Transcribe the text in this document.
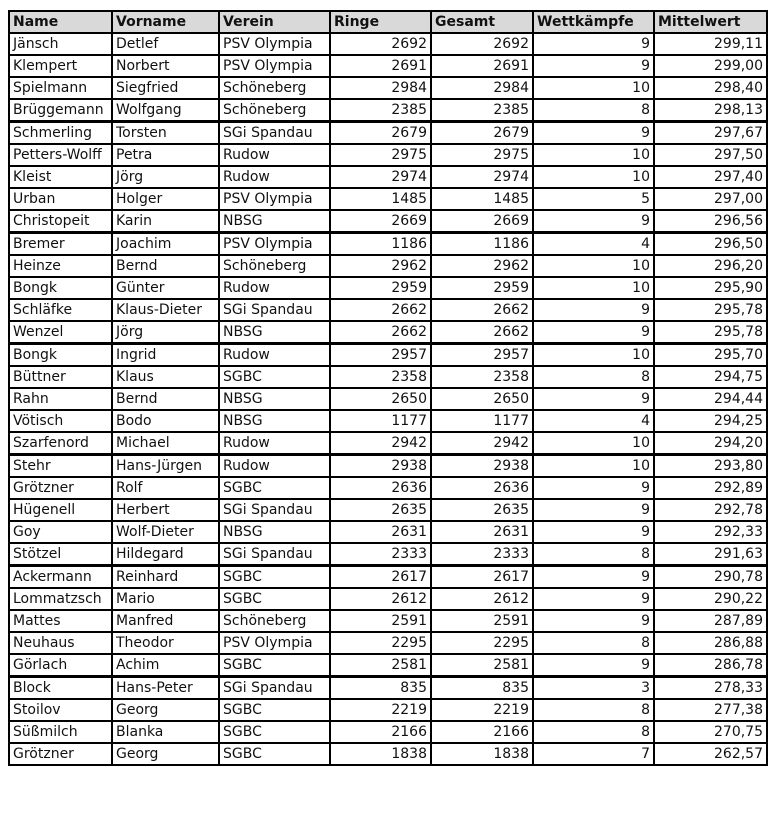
Name	Vorname	Verein	Ringe	Gesamt	Wettkämpfe	Mittelwert
Jänsch	Detlef	PSV Olympia	2692	2692	9	299,11
Klempert	Norbert	PSV Olympia	2691	2691	9	299,00
Spielmann	Siegfried	Schöneberg	2984	2984	10	298,40
Brüggemann	Wolfgang	Schöneberg	2385	2385	8	298,13
Schmerling	Torsten	SGi Spandau	2679	2679	9	297,67
Petters-Wolff	Petra	Rudow	2975	2975	10	297,50
Kleist	Jörg	Rudow	2974	2974	10	297,40
Urban	Holger	PSV Olympia	1485	1485	5	297,00
Christopeit	Karin	NBSG	2669	2669	9	296,56
Bremer	Joachim	PSV Olympia	1186	1186	4	296,50
Heinze	Bernd	Schöneberg	2962	2962	10	296,20
Bongk	Günter	Rudow	2959	2959	10	295,90
Schläfke	Klaus-Dieter	SGi Spandau	2662	2662	9	295,78
Wenzel	Jörg	NBSG	2662	2662	9	295,78
Bongk	Ingrid	Rudow	2957	2957	10	295,70
Büttner	Klaus	SGBC	2358	2358	8	294,75
Rahn	Bernd	NBSG	2650	2650	9	294,44
Vötisch	Bodo	NBSG	1177	1177	4	294,25
Szarfenord	Michael	Rudow	2942	2942	10	294,20
Stehr	Hans-Jürgen	Rudow	2938	2938	10	293,80
Grötzner	Rolf	SGBC	2636	2636	9	292,89
Hügenell	Herbert	SGi Spandau	2635	2635	9	292,78
Goy	Wolf-Dieter	NBSG	2631	2631	9	292,33
Stötzel	Hildegard	SGi Spandau	2333	2333	8	291,63
Ackermann	Reinhard	SGBC	2617	2617	9	290,78
Lommatzsch	Mario	SGBC	2612	2612	9	290,22
Mattes	Manfred	Schöneberg	2591	2591	9	287,89
Neuhaus	Theodor	PSV Olympia	2295	2295	8	286,88
Görlach	Achim	SGBC	2581	2581	9	286,78
Block	Hans-Peter	SGi Spandau	835	835	3	278,33
Stoilov	Georg	SGBC	2219	2219	8	277,38
Süßmilch	Blanka	SGBC	2166	2166	8	270,75
Grötzner	Georg	SGBC	1838	1838	7	262,57
